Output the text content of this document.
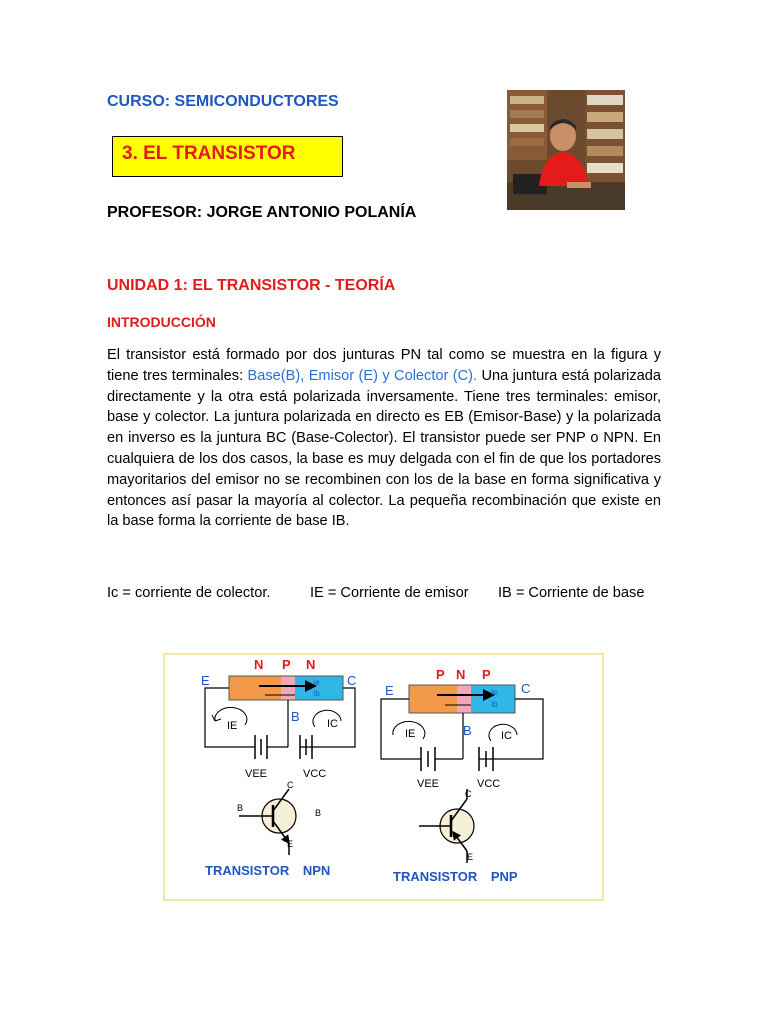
CURSO: SEMICONDUCTORES
3. EL TRANSISTOR
PROFESOR: JORGE ANTONIO POLANÍA
UNIDAD 1: EL TRANSISTOR - TEORÍA
INTRODUCCIÓN
El transistor está formado por dos junturas PN tal como se muestra en la figura y tiene tres terminales: Base(B), Emisor (E) y Colector (C). Una juntura está polarizada directamente y la otra está polarizada inversamente. Tiene tres terminales: emisor, base y colector. La juntura polarizada en directo es EB (Emisor-Base) y la polarizada en inverso es la juntura BC (Base-Colector). El transistor puede ser PNP o NPN. En cualquiera de los dos casos, la base es muy delgada con el fin de que los portadores mayoritarios del emisor no se recombinen con los de la base en forma significativa y entonces así pasar la mayoría al colector. La pequeña recombinación que existe en la base forma la corriente de base IB.
Ic = corriente de colector.	IE = Corriente de emisor IB = Corriente de base
N P N
Ie
Ib
E	C
B
IE	IC
VEE	VCC
B
C
E
B
TRANSISTOR NPN
P N P
Ie
Ib
E	C
B
IE	IC
VEE	VCC
C
E
TRANSISTOR PNP
